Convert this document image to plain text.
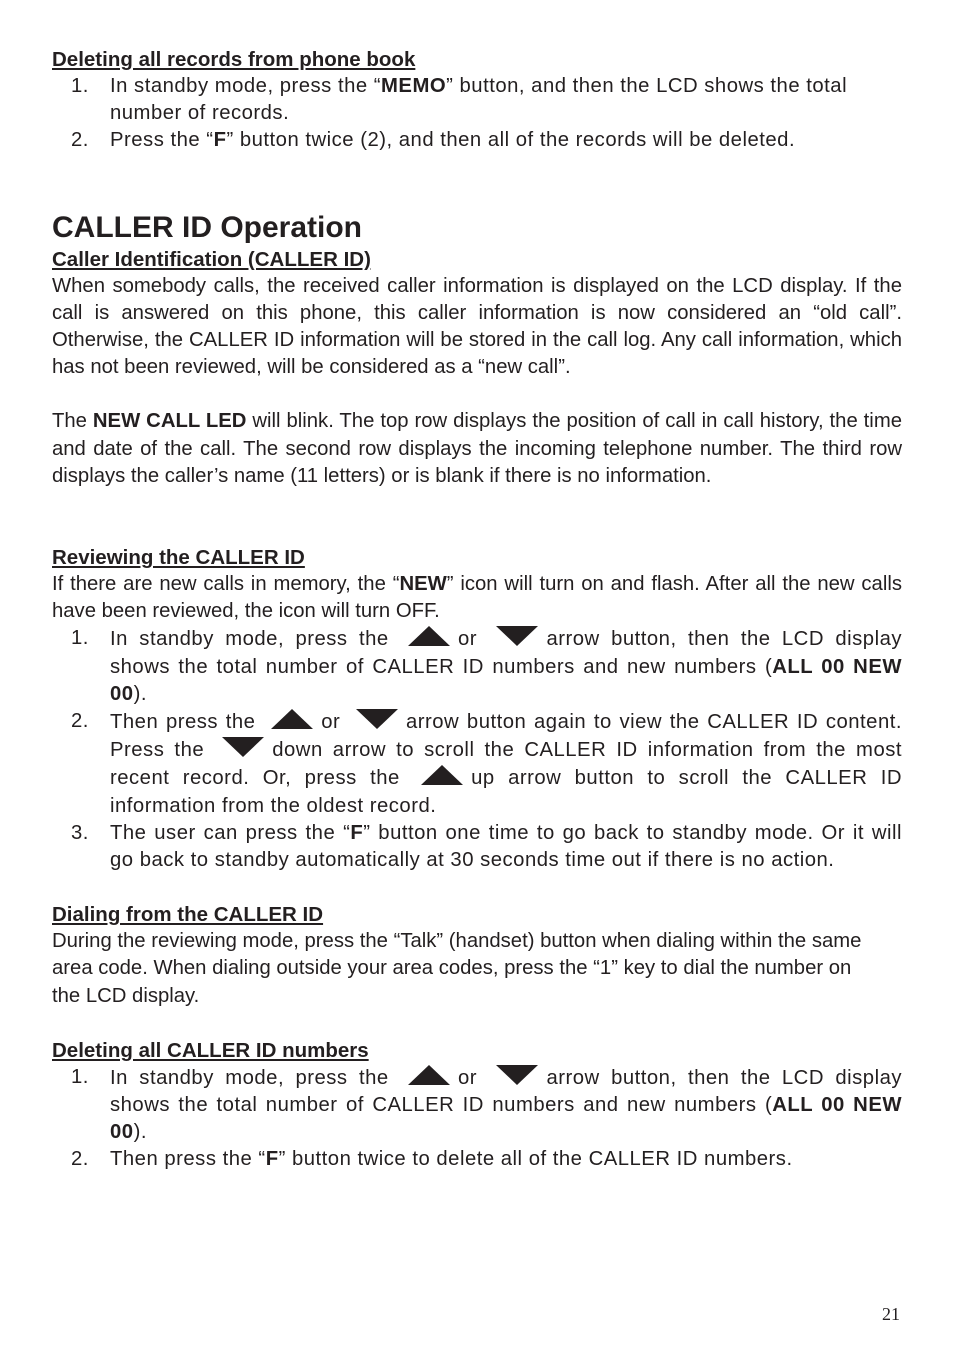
Deleting all records from phone book

1. In standby mode, press the “MEMO” button, and then the LCD shows the total number of records.
2. Press the “F” button twice (2), and then all of the records will be deleted.

CALLER ID Operation

Caller Identification (CALLER ID)

When somebody calls, the received caller information is displayed on the LCD display. If the call is answered on this phone, this caller information is now considered an “old call”. Otherwise, the CALLER ID information will be stored in the call log. Any call information, which has not been reviewed, will be considered as a “new call”.

The NEW CALL LED will blink. The top row displays the position of call in call history, the time and date of the call. The second row displays the incoming telephone number. The third row displays the caller’s name (11 letters) or is blank if there is no information.

Reviewing the CALLER ID

If there are new calls in memory, the “NEW” icon will turn on and flash. After all the new calls have been reviewed, the icon will turn OFF.

1. In standby mode, press the	or	arrow button, then the LCD display shows the total number of CALLER ID numbers and new numbers (ALL 00 NEW 00).
2. Then press the	or	arrow button again to view the CALLER ID content. Press the	down arrow to scroll the CALLER ID information from the most recent record. Or, press the	up arrow button to scroll the CALLER ID information from the oldest record.
3. The user can press the “F” button one time to go back to standby mode. Or it will go back to standby automatically at 30 seconds time out if there is no action.

Dialing from the CALLER ID

During the reviewing mode, press the “Talk” (handset) button when dialing within the same area code. When dialing outside your area codes, press the “1” key to dial the number on the LCD display.

Deleting all CALLER ID numbers

1. In standby mode, press the	or	arrow button, then the LCD display shows the total number of CALLER ID numbers and new numbers (ALL 00 NEW 00).
2. Then press the “F” button twice to delete all of the CALLER ID numbers.
21
